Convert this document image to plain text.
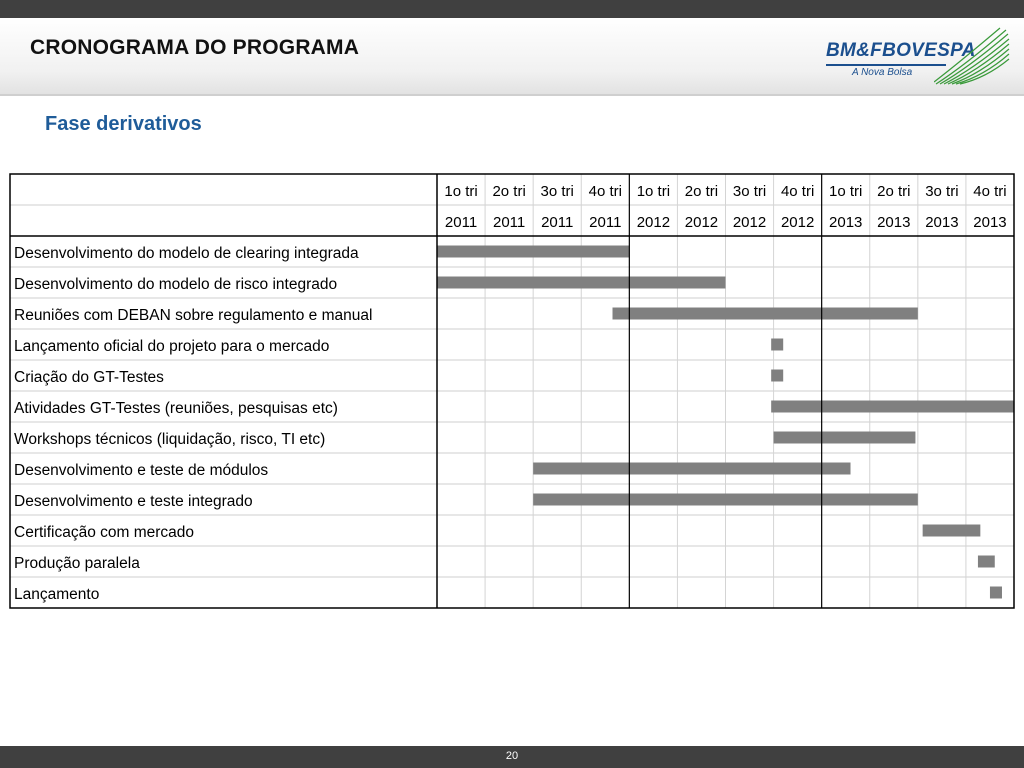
CRONOGRAMA DO PROGRAMA	BM&FBOVESPA
A Nova Bolsa
Fase derivativos
1o tri
2011
2o tri
2011
3o tri
2011
4o tri
2011
1o tri
2012
2o tri
2012
3o tri
2012
4o tri
2012
1o tri
2013
2o tri
2013
3o tri
2013
4o tri
2013
Desenvolvimento do modelo de clearing integrada
Desenvolvimento do modelo de risco integrado
Reuniões com DEBAN sobre regulamento e manual
Lançamento oficial do projeto para o mercado
Criação do GT-Testes
Atividades GT-Testes (reuniões, pesquisas etc)
Workshops técnicos (liquidação, risco, TI etc)
Desenvolvimento e teste de módulos
Desenvolvimento e teste integrado
Certificação com mercado
Produção paralela
Lançamento
20
